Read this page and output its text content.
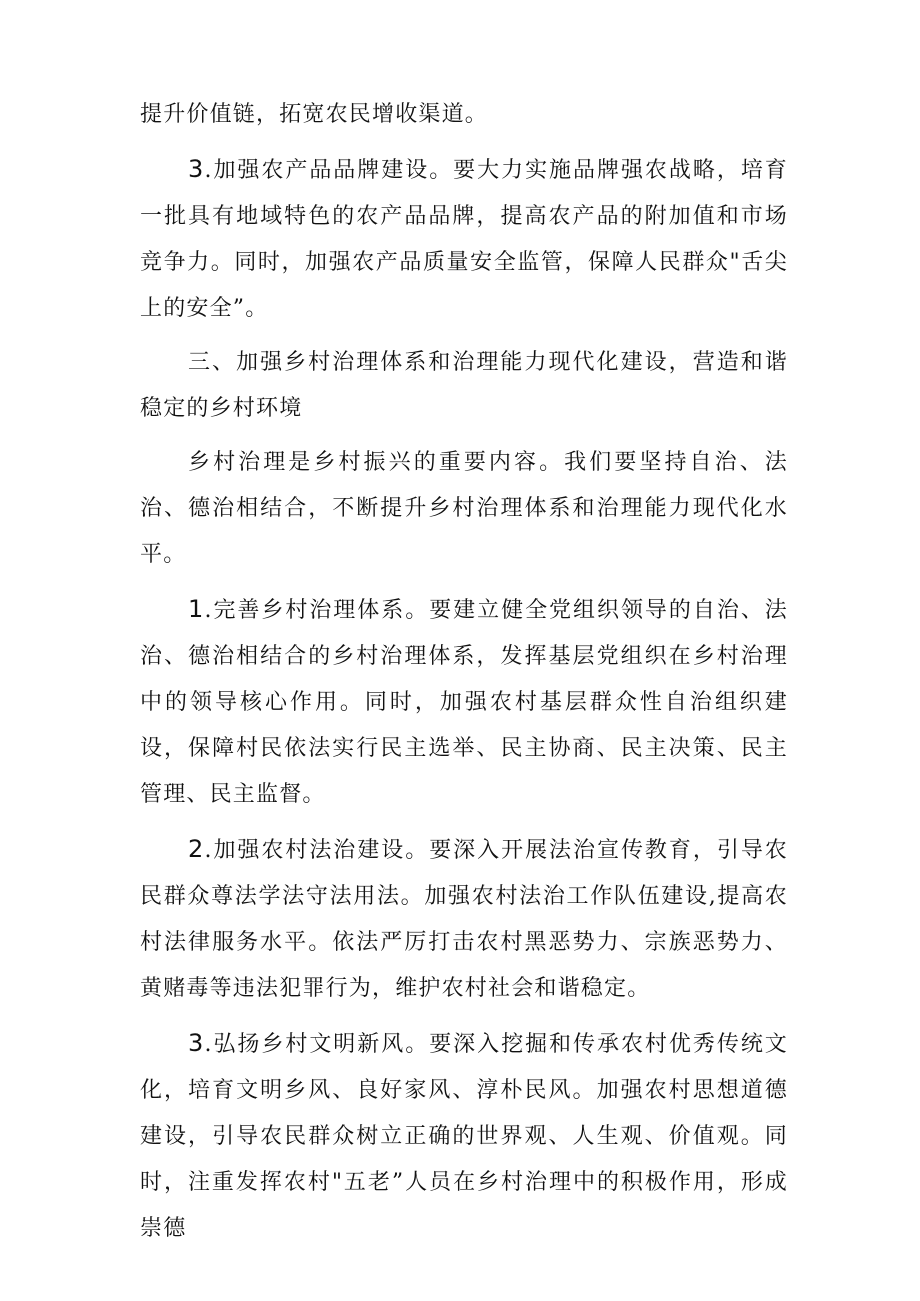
提升价值链，拓宽农民增收渠道。

3.加强农产品品牌建设。要大力实施品牌强农战略，培育一批具有地域特色的农产品品牌，提高农产品的附加值和市场竞争力。同时，加强农产品质量安全监管，保障人民群众"舌尖上的安全”。

三、加强乡村治理体系和治理能力现代化建设，营造和谐稳定的乡村环境

乡村治理是乡村振兴的重要内容。我们要坚持自治、法治、德治相结合，不断提升乡村治理体系和治理能力现代化水平。

1.完善乡村治理体系。要建立健全党组织领导的自治、法治、德治相结合的乡村治理体系，发挥基层党组织在乡村治理中的领导核心作用。同时，加强农村基层群众性自治组织建设，保障村民依法实行民主选举、民主协商、民主决策、民主管理、民主监督。

2.加强农村法治建设。要深入开展法治宣传教育，引导农民群众尊法学法守法用法。加强农村法治工作队伍建设,提高农村法律服务水平。依法严厉打击农村黑恶势力、宗族恶势力、黄赌毒等违法犯罪行为，维护农村社会和谐稳定。

3.弘扬乡村文明新风。要深入挖掘和传承农村优秀传统文化，培育文明乡风、良好家风、淳朴民风。加强农村思想道德建设，引导农民群众树立正确的世界观、人生观、价值观。同时，注重发挥农村"五老”人员在乡村治理中的积极作用，形成崇德
